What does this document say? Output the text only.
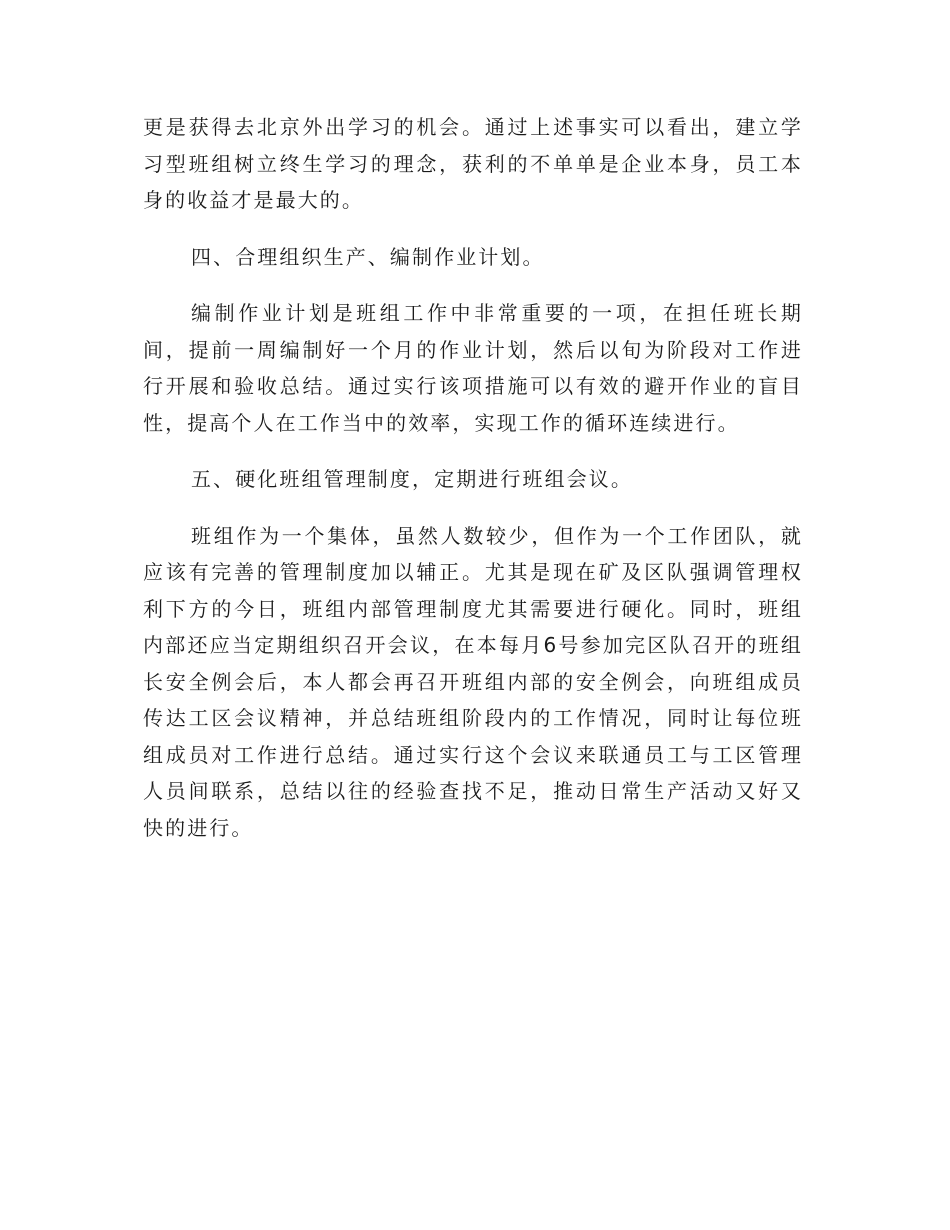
更是获得去北京外出学习的机会。通过上述事实可以看出，建立学习型班组树立终生学习的理念，获利的不单单是企业本身，员工本身的收益才是最大的。

四、合理组织生产、编制作业计划。

编制作业计划是班组工作中非常重要的一项，在担任班长期间，提前一周编制好一个月的作业计划，然后以旬为阶段对工作进行开展和验收总结。通过实行该项措施可以有效的避开作业的盲目性，提高个人在工作当中的效率，实现工作的循环连续进行。

五、硬化班组管理制度，定期进行班组会议。

班组作为一个集体，虽然人数较少，但作为一个工作团队，就应该有完善的管理制度加以辅正。尤其是现在矿及区队强调管理权利下方的今日，班组内部管理制度尤其需要进行硬化。同时，班组内部还应当定期组织召开会议，在本每月6号参加完区队召开的班组长安全例会后，本人都会再召开班组内部的安全例会，向班组成员传达工区会议精神，并总结班组阶段内的工作情况，同时让每位班组成员对工作进行总结。通过实行这个会议来联通员工与工区管理人员间联系，总结以往的经验查找不足，推动日常生产活动又好又快的进行。
